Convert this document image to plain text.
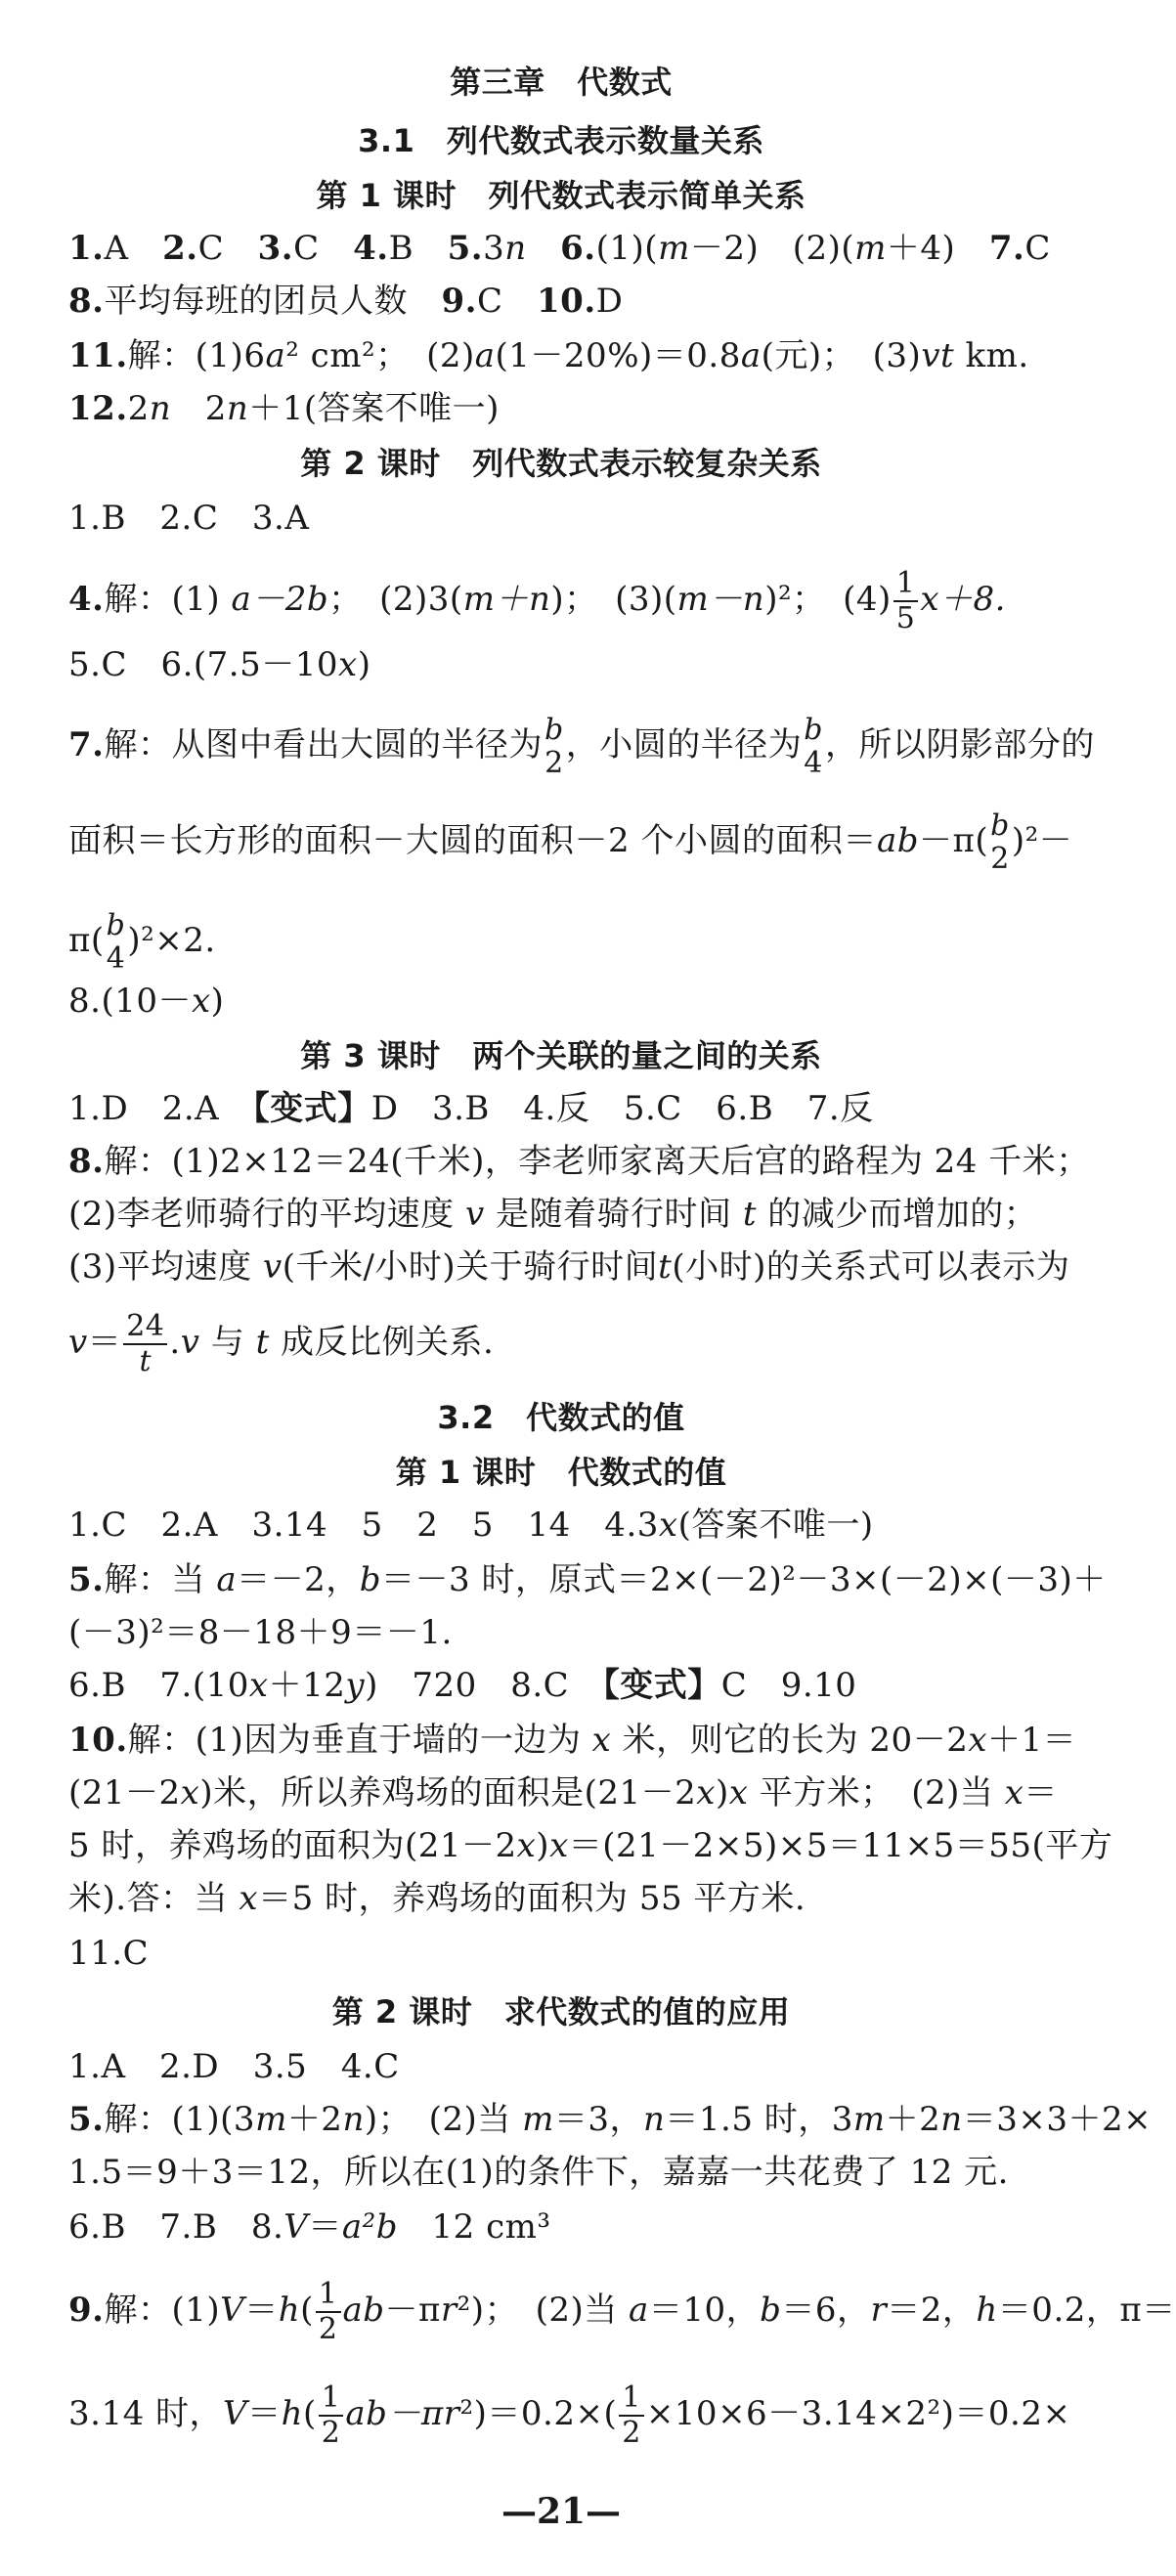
第三章　代数式
3.1　列代数式表示数量关系
第 1 课时　列代数式表示简单关系
1.A　 2.C　 3.C　 4.B　 5.3n　 6.(1)(m－2)　(2)(m＋4)　 7.C
8.平均每班的团员人数　 9.C　 10.D
11.解：(1)6a² cm²；　(2)a(1－20%)＝0.8a(元)；　(3)vt km.
12.2n　2n＋1(答案不唯一)
第 2 课时　列代数式表示较复杂关系
1.B　2.C　3.A
4.解：(1) a－2b；　(2)3(m＋n)；　(3)(m－n)²；　$(4) \frac{1}{5} x+8$.
5.C　6.(7.5－10x)
7.解：从图中看出大圆的半径为b
2 ，小圆的半径为b
4 ，所以阴影部分的
面积＝长方形的面积－大圆的面积－2 个小圆的面积＝ab－π(b
2 )²－
π(b
4 )²×2.
8.(10－x)
第 3 课时　两个关联的量之间的关系
1.D　2.A　【变式】D　3.B　4.反　5.C　6.B　7.反
8.解：(1)2×12＝24(千米)，李老师家离天后宫的路程为 24 千米；
(2)李老师骑行的平均速度 v 是随着骑行时间 t 的减少而增加的；
(3)平均速度 v(千米/小时)关于骑行时间t(小时)的关系式可以表示为
$v= \frac{24}{t}.v$ 与 t 成反比例关系.
3.2　代数式的值
第 1 课时　代数式的值
1.C　2.A　3.14　5　2　5　14　4.3x(答案不唯一)
5.解：当 a＝－2，b＝－3 时，原式＝2×(－2)²－3×(－2)×(－3)＋
(－3)²＝8－18＋9＝－1.
6.B　7.(10x＋12y)　720　8.C　【变式】C　9.10
10.解：(1)因为垂直于墙的一边为 x 米，则它的长为 20－2x＋1＝
(21－2x)米，所以养鸡场的面积是(21－2x)x 平方米；　(2)当 x＝
5 时，养鸡场的面积为(21－2x)x＝(21－2×5)×5＝11×5＝55(平方
米).答：当 x＝5 时，养鸡场的面积为 55 平方米.
11.C
第 2 课时　求代数式的值的应用
1.A　2.D　3.5　4.C
5.解：(1)(3m＋2n)；　(2)当 m＝3，n＝1.5 时，3m＋2n＝3×3＋2×
1.5＝9＋3＝12，所以在(1)的条件下，嘉嘉一共花费了 12 元.
6.B　7.B　8.V＝a²b　12 cm³
9.解：$(1)V=h( \frac{1}{2} ab-\pi r^2)$；　(2)当 a＝10，b＝6，r＝2，h＝0.2，π＝
3.14 时，$V=h( \frac{1}{2} ab-\pi r^2)=0.2\times( \frac{1}{2} \times 10\times 6-3.14\times 2^2)=0.2\times$
—21—
